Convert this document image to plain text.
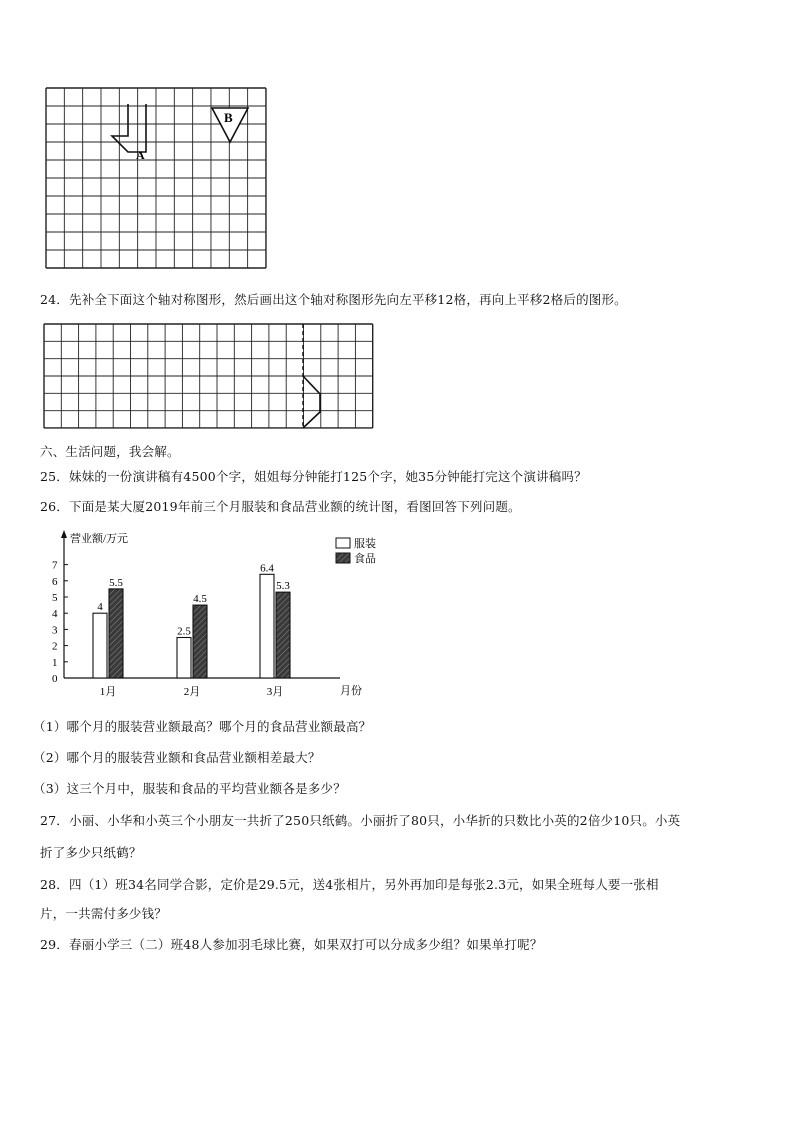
A
B
24．先补全下面这个轴对称图形，然后画出这个轴对称图形先向左平移12格，再向上平移2格后的图形。
六、生活问题，我会解。
25．妹妹的一份演讲稿有4500个字，姐姐每分钟能打125个字，她35分钟能打完这个演讲稿吗？
26．下面是某大厦2019年前三个月服装和食品营业额的统计图，看图回答下列问题。
营业额/万元
月份
0
1
2
3
4
5
6
7
4
5.5
1月
2.5
4.5
2月
6.4
5.3
3月
服装
食品
（1）哪个月的服装营业额最高？哪个月的食品营业额最高？
（2）哪个月的服装营业额和食品营业额相差最大？
（3）这三个月中，服装和食品的平均营业额各是多少？
27．小丽、小华和小英三个小朋友一共折了250只纸鹤。小丽折了80只，小华折的只数比小英的2倍少10只。小英
折了多少只纸鹤？
28．四（1）班34名同学合影，定价是29.5元，送4张相片，另外再加印是每张2.3元，如果全班每人要一张相
片，一共需付多少钱？
29．春丽小学三（二）班48人参加羽毛球比赛，如果双打可以分成多少组？如果单打呢？
